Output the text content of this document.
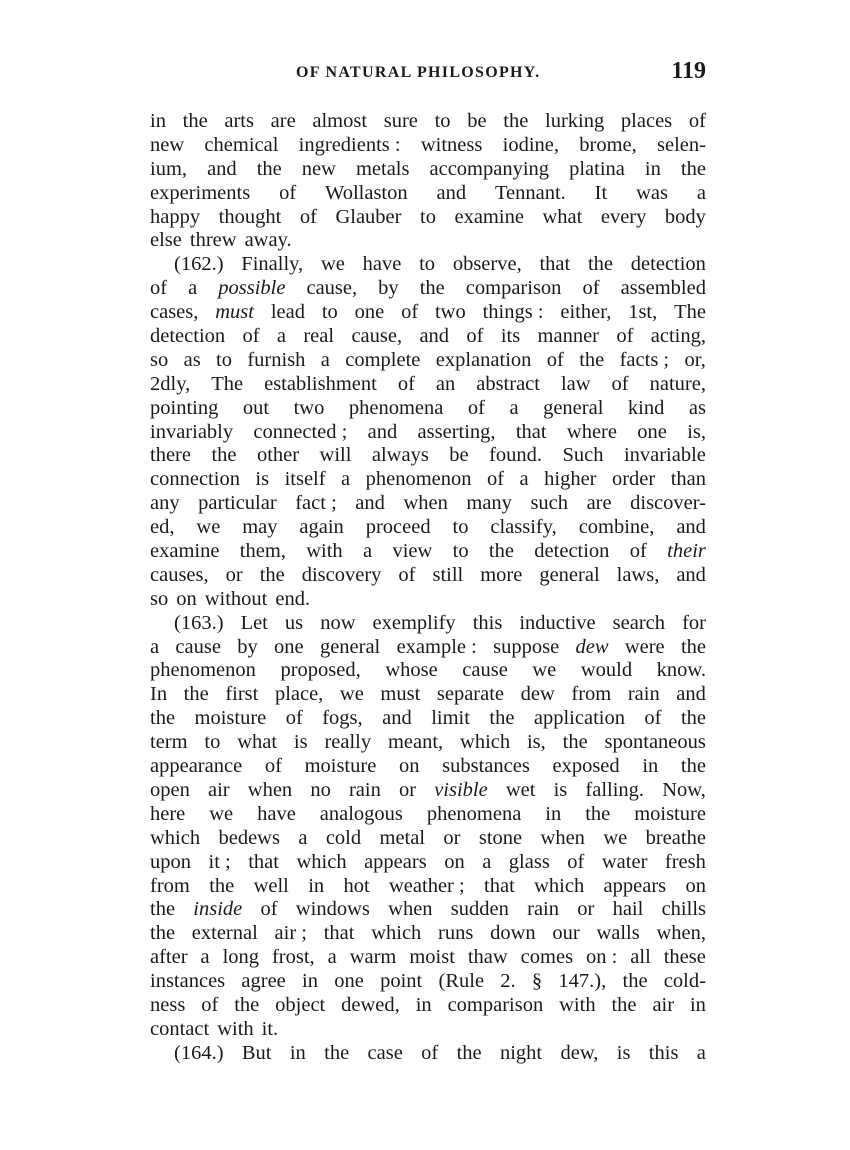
OF NATURAL PHILOSOPHY.	119
in the arts are almost sure to be the lurking places of
new chemical ingredients : witness iodine, brome, selen-
ium, and the new metals accompanying platina in the
experiments of Wollaston and Tennant. It was a
happy thought of Glauber to examine what every body
else threw away.
(162.) Finally, we have to observe, that the detection
of a possible cause, by the comparison of assembled
cases, must lead to one of two things : either, 1st, The
detection of a real cause, and of its manner of acting,
so as to furnish a complete explanation of the facts ; or,
2dly, The establishment of an abstract law of nature,
pointing out two phenomena of a general kind as
invariably connected ; and asserting, that where one is,
there the other will always be found. Such invariable
connection is itself a phenomenon of a higher order than
any particular fact ; and when many such are discover-
ed, we may again proceed to classify, combine, and
examine them, with a view to the detection of their
causes, or the discovery of still more general laws, and
so on without end.
(163.) Let us now exemplify this inductive search for
a cause by one general example : suppose dew were the
phenomenon proposed, whose cause we would know.
In the first place, we must separate dew from rain and
the moisture of fogs, and limit the application of the
term to what is really meant, which is, the spontaneous
appearance of moisture on substances exposed in the
open air when no rain or visible wet is falling. Now,
here we have analogous phenomena in the moisture
which bedews a cold metal or stone when we breathe
upon it ; that which appears on a glass of water fresh
from the well in hot weather ; that which appears on
the inside of windows when sudden rain or hail chills
the external air ; that which runs down our walls when,
after a long frost, a warm moist thaw comes on : all these
instances agree in one point (Rule 2. § 147.), the cold-
ness of the object dewed, in comparison with the air in
contact with it.
(164.) But in the case of the night dew, is this a
